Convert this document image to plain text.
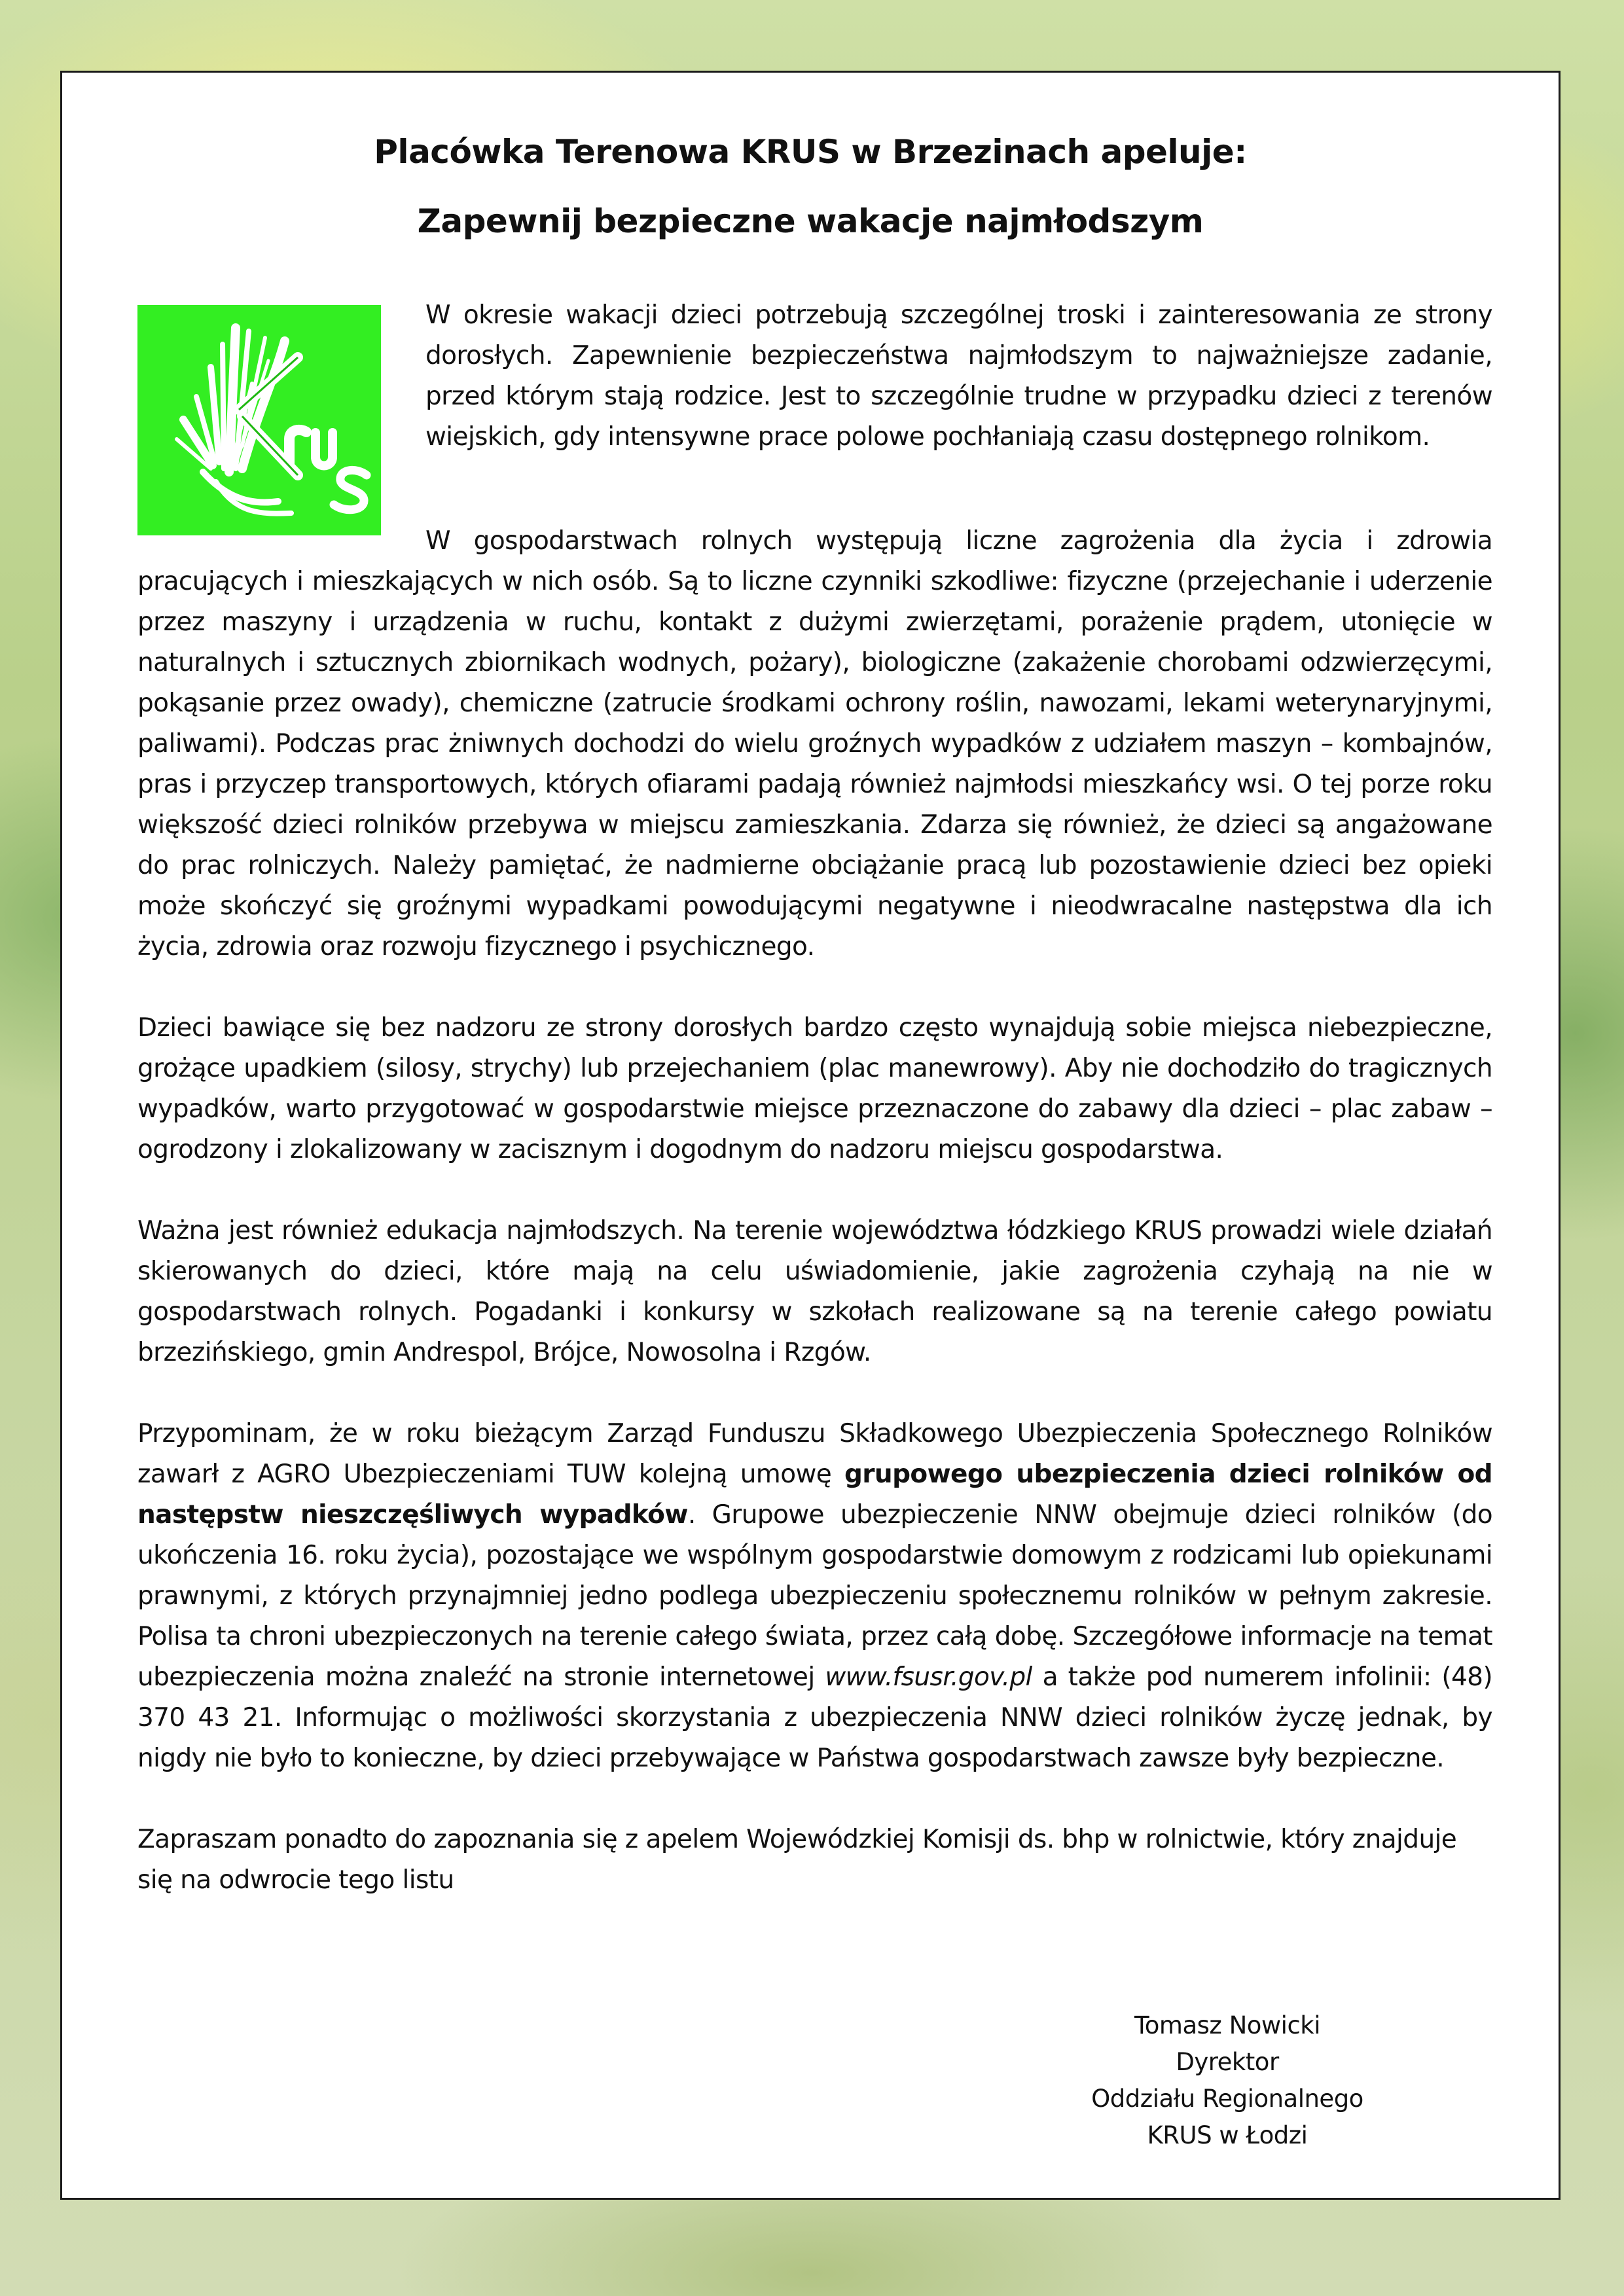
Placówka Terenowa KRUS w Brzezinach apeluje:
Zapewnij bezpieczne wakacje najmłodszym

W okresie wakacji dzieci potrzebują szczególnej troski i zainteresowania ze strony dorosłych. Zapewnienie bezpieczeństwa najmłodszym to najważniejsze zadanie, przed którym stają rodzice. Jest to szczególnie trudne w przypadku dzieci z terenów wiejskich, gdy intensywne prace polowe pochłaniają czasu dostępnego rolnikom.

W gospodarstwach rolnych występują liczne zagrożenia dla życia i zdrowia pracujących i mieszkających w nich osób. Są to liczne czynniki szkodliwe: fizyczne (przejechanie i uderzenie przez maszyny i urządzenia w ruchu, kontakt z dużymi zwierzętami, porażenie prądem, utonięcie w naturalnych i sztucznych zbiornikach wodnych, pożary), biologiczne (zakażenie chorobami odzwierzęcymi, pokąsanie przez owady), chemiczne (zatrucie środkami ochrony roślin, nawozami, lekami weterynaryjnymi, paliwami). Podczas prac żniwnych dochodzi do wielu groźnych wypadków z udziałem maszyn – kombajnów, pras i przyczep transportowych, których ofiarami padają również najmłodsi mieszkańcy wsi. O tej porze roku większość dzieci rolników przebywa w miejscu zamieszkania. Zdarza się również, że dzieci są angażowane do prac rolniczych. Należy pamiętać, że nadmierne obciążanie pracą lub pozostawienie dzieci bez opieki może skończyć się groźnymi wypadkami powodującymi negatywne i nieodwracalne następstwa dla ich życia, zdrowia oraz rozwoju fizycznego i psychicznego.

Dzieci bawiące się bez nadzoru ze strony dorosłych bardzo często wynajdują sobie miejsca niebezpieczne, grożące upadkiem (silosy, strychy) lub przejechaniem (plac manewrowy). Aby nie dochodziło do tragicznych wypadków, warto przygotować w gospodarstwie miejsce przeznaczone do zabawy dla dzieci – plac zabaw – ogrodzony i zlokalizowany w zacisznym i dogodnym do nadzoru miejscu gospodarstwa.

Ważna jest również edukacja najmłodszych. Na terenie województwa łódzkiego KRUS prowadzi wiele działań skierowanych do dzieci, które mają na celu uświadomienie, jakie zagrożenia czyhają na nie w gospodarstwach rolnych. Pogadanki i konkursy w szkołach realizowane są na terenie całego powiatu brzezińskiego, gmin Andrespol, Brójce, Nowosolna i Rzgów.

Przypominam, że w roku bieżącym Zarząd Funduszu Składkowego Ubezpieczenia Społecznego Rolników zawarł z AGRO Ubezpieczeniami TUW kolejną umowę grupowego ubezpieczenia dzieci rolników od następstw nieszczęśliwych wypadków. Grupowe ubezpieczenie NNW obejmuje dzieci rolników (do ukończenia 16. roku życia), pozostające we wspólnym gospodarstwie domowym z rodzicami lub opiekunami prawnymi, z których przynajmniej jedno podlega ubezpieczeniu społecznemu rolników w pełnym zakresie. Polisa ta chroni ubezpieczonych na terenie całego świata, przez całą dobę. Szczegółowe informacje na temat ubezpieczenia można znaleźć na stronie internetowej www.fsusr.gov.pl a także pod numerem infolinii: (48) 370 43 21. Informując o możliwości skorzystania z ubezpieczenia NNW dzieci rolników życzę jednak, by nigdy nie było to konieczne, by dzieci przebywające w Państwa gospodarstwach zawsze były bezpieczne.

Zapraszam ponadto do zapoznania się z apelem Wojewódzkiej Komisji ds. bhp w rolnictwie, który znajduje się na odwrocie tego listu

Tomasz Nowicki
Dyrektor
Oddziału Regionalnego
KRUS w Łodzi
